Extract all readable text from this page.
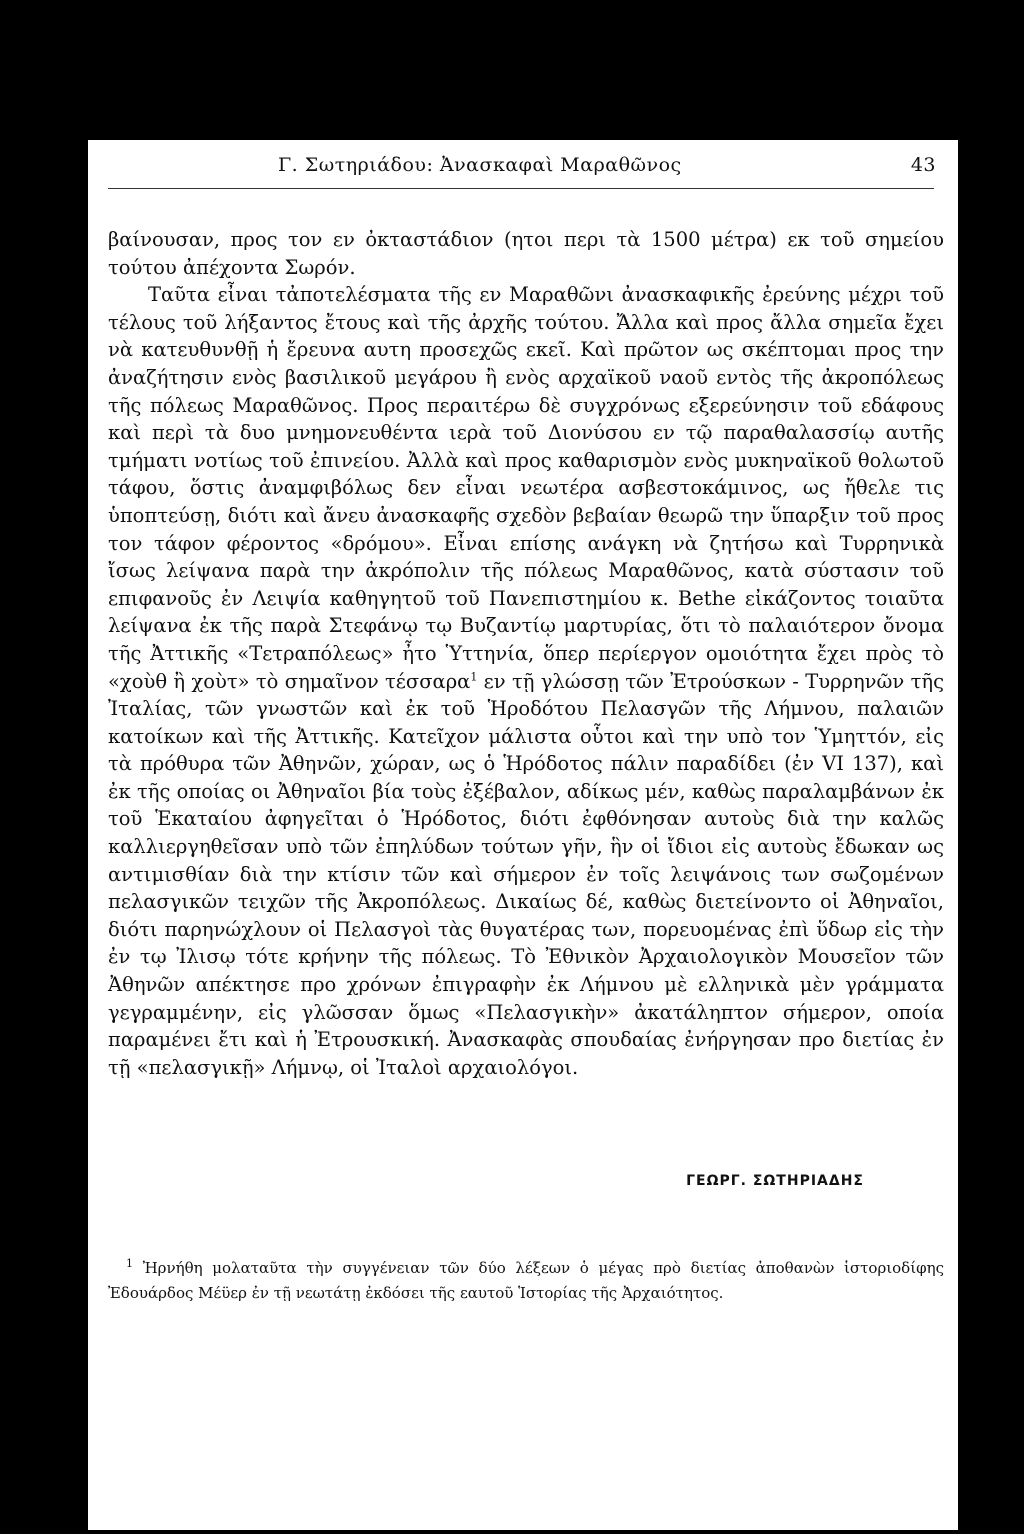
Γ. Σωτηριάδου: Ἀνασκαφαὶ Μαραθῶνος	43

βαίνουσαν, προς τον εν ὀκταστάδιον (ητοι περι τὰ 1500 μέτρα) εκ τοῦ σημείου τούτου ἀπέχοντα Σωρόν.

Ταῦτα εἶναι τἀποτελέσματα τῆς εν Μαραθῶνι ἀνασκαφικῆς ἐρεύνης μέχρι τοῦ τέλους τοῦ λήξαντος ἔτους καὶ τῆς ἀρχῆς τούτου. Ἄλλα καὶ προς ἄλλα σημεῖα ἔχει νὰ κατευθυνθῇ ἡ ἔρευνα αυτη προσεχῶς εκεῖ. Καὶ πρῶτον ως σκέπτομαι προς την ἀναζήτησιν ενὸς βασιλικοῦ μεγάρου ἢ ενὸς αρχαϊκοῦ ναοῦ εντὸς τῆς ἀκροπόλεως τῆς πόλεως Μαραθῶνος. Προς περαιτέρω δὲ συγχρόνως εξερεύνησιν τοῦ εδάφους καὶ περὶ τὰ δυο μνημονευθέντα ιερὰ τοῦ Διονύσου εν τῷ παραθαλασσίῳ αυτῆς τμήματι νοτίως τοῦ ἐπινείου. Ἀλλὰ καὶ προς καθαρισμὸν ενὸς μυκηναϊκοῦ θολωτοῦ τάφου, ὅστις ἀναμφιβόλως δεν εἶναι νεωτέρα ασβεστοκάμινος, ως ἤθελε τις ὑποπτεύσῃ, διότι καὶ ἄνευ ἀνασκαφῆς σχεδὸν βεβαίαν θεωρῶ την ὕπαρξιν τοῦ προς τον τάφον φέροντος «δρόμου». Εἶναι επίσης ανάγκη νὰ ζητήσω καὶ Τυρρηνικὰ ἴσως λείψανα παρὰ την ἀκρόπολιν τῆς πόλεως Μαραθῶνος, κατὰ σύστασιν τοῦ επιφανοῦς ἐν Λειψία καθηγητοῦ τοῦ Πανεπιστημίου κ. Bethe εἰκάζοντος τοιαῦτα λείψανα ἐκ τῆς παρὰ Στεφάνῳ τῳ Βυζαντίῳ μαρτυρίας, ὅτι τὸ παλαιότερον ὄνομα τῆς Ἀττικῆς «Τετραπόλεως» ἦτο Ὑττηνία, ὅπερ περίεργον ομοιότητα ἔχει πρὸς τὸ «χοὺθ ἢ χοὺτ» τὸ σημαῖνον τέσσαρα$^1$ εν τῇ γλώσσῃ τῶν Ἐτρούσκων - Τυρρηνῶν τῆς Ἰταλίας, τῶν γνωστῶν καὶ ἐκ τοῦ Ἡροδότου Πελασγῶν τῆς Λήμνου, παλαιῶν κατοίκων καὶ τῆς Ἀττικῆς. Κατεῖχον μάλιστα οὗτοι καὶ την υπὸ τον Ὑμηττόν, εἰς τὰ πρόθυρα τῶν Ἀθηνῶν, χώραν, ως ὁ Ἡρόδοτος πάλιν παραδίδει (ἐν VI 137), καὶ ἐκ τῆς οποίας οι Ἀθηναῖοι βία τοὺς ἐξέβαλον, αδίκως μέν, καθὼς παραλαμβάνων ἐκ τοῦ Ἑκαταίου ἀφηγεῖται ὁ Ἡρόδοτος, διότι ἐφθόνησαν αυτοὺς διὰ την καλῶς καλλιεργηθεῖσαν υπὸ τῶν ἐπηλύδων τούτων γῆν, ἣν οἱ ἴδιοι εἰς αυτοὺς ἔδωκαν ως αντιμισθίαν διὰ την κτίσιν τῶν καὶ σήμερον ἐν τοῖς λειψάνοις των σωζομένων πελασγικῶν τειχῶν τῆς Ἀκροπόλεως. Δικαίως δέ, καθὼς διετείνοντο οἱ Ἀθηναῖοι, διότι παρηνώχλουν οἱ Πελασγοὶ τὰς θυγατέρας των, πορευομένας ἐπὶ ὕδωρ εἰς τὴν ἐν τῳ Ἰλισῳ τότε κρήνην τῆς πόλεως. Τὸ Ἐθνικὸν Ἀρχαιολογικὸν Μουσεῖον τῶν Ἀθηνῶν απέκτησε προ χρόνων ἐπιγραφὴν ἐκ Λήμνου μὲ ελληνικὰ μὲν γράμματα γεγραμμένην, εἰς γλῶσσαν ὅμως «Πελασγικὴν» ἀκατάληπτον σήμερον, οποία παραμένει ἔτι καὶ ἡ Ἐτρουσκική. Ἀνασκαφὰς σπουδαίας ἐνήργησαν προ διετίας ἐν τῇ «πελασγικῇ» Λήμνῳ, οἱ Ἰταλοὶ αρχαιολόγοι.

ΓΕΩΡΓ. ΣΩΤΗΡΙΑΔΗΣ
$^1$ Ἠρνήθη μολαταῦτα τὴν συγγένειαν τῶν δύο λέξεων ὁ μέγας πρὸ διετίας ἀποθανὼν ἱστοριοδίφης Ἐδουάρδος Μέϋερ ἐν τῇ νεωτάτῃ ἐκδόσει τῆς εαυτοῦ Ἱστορίας τῆς Ἀρχαιότητος.
